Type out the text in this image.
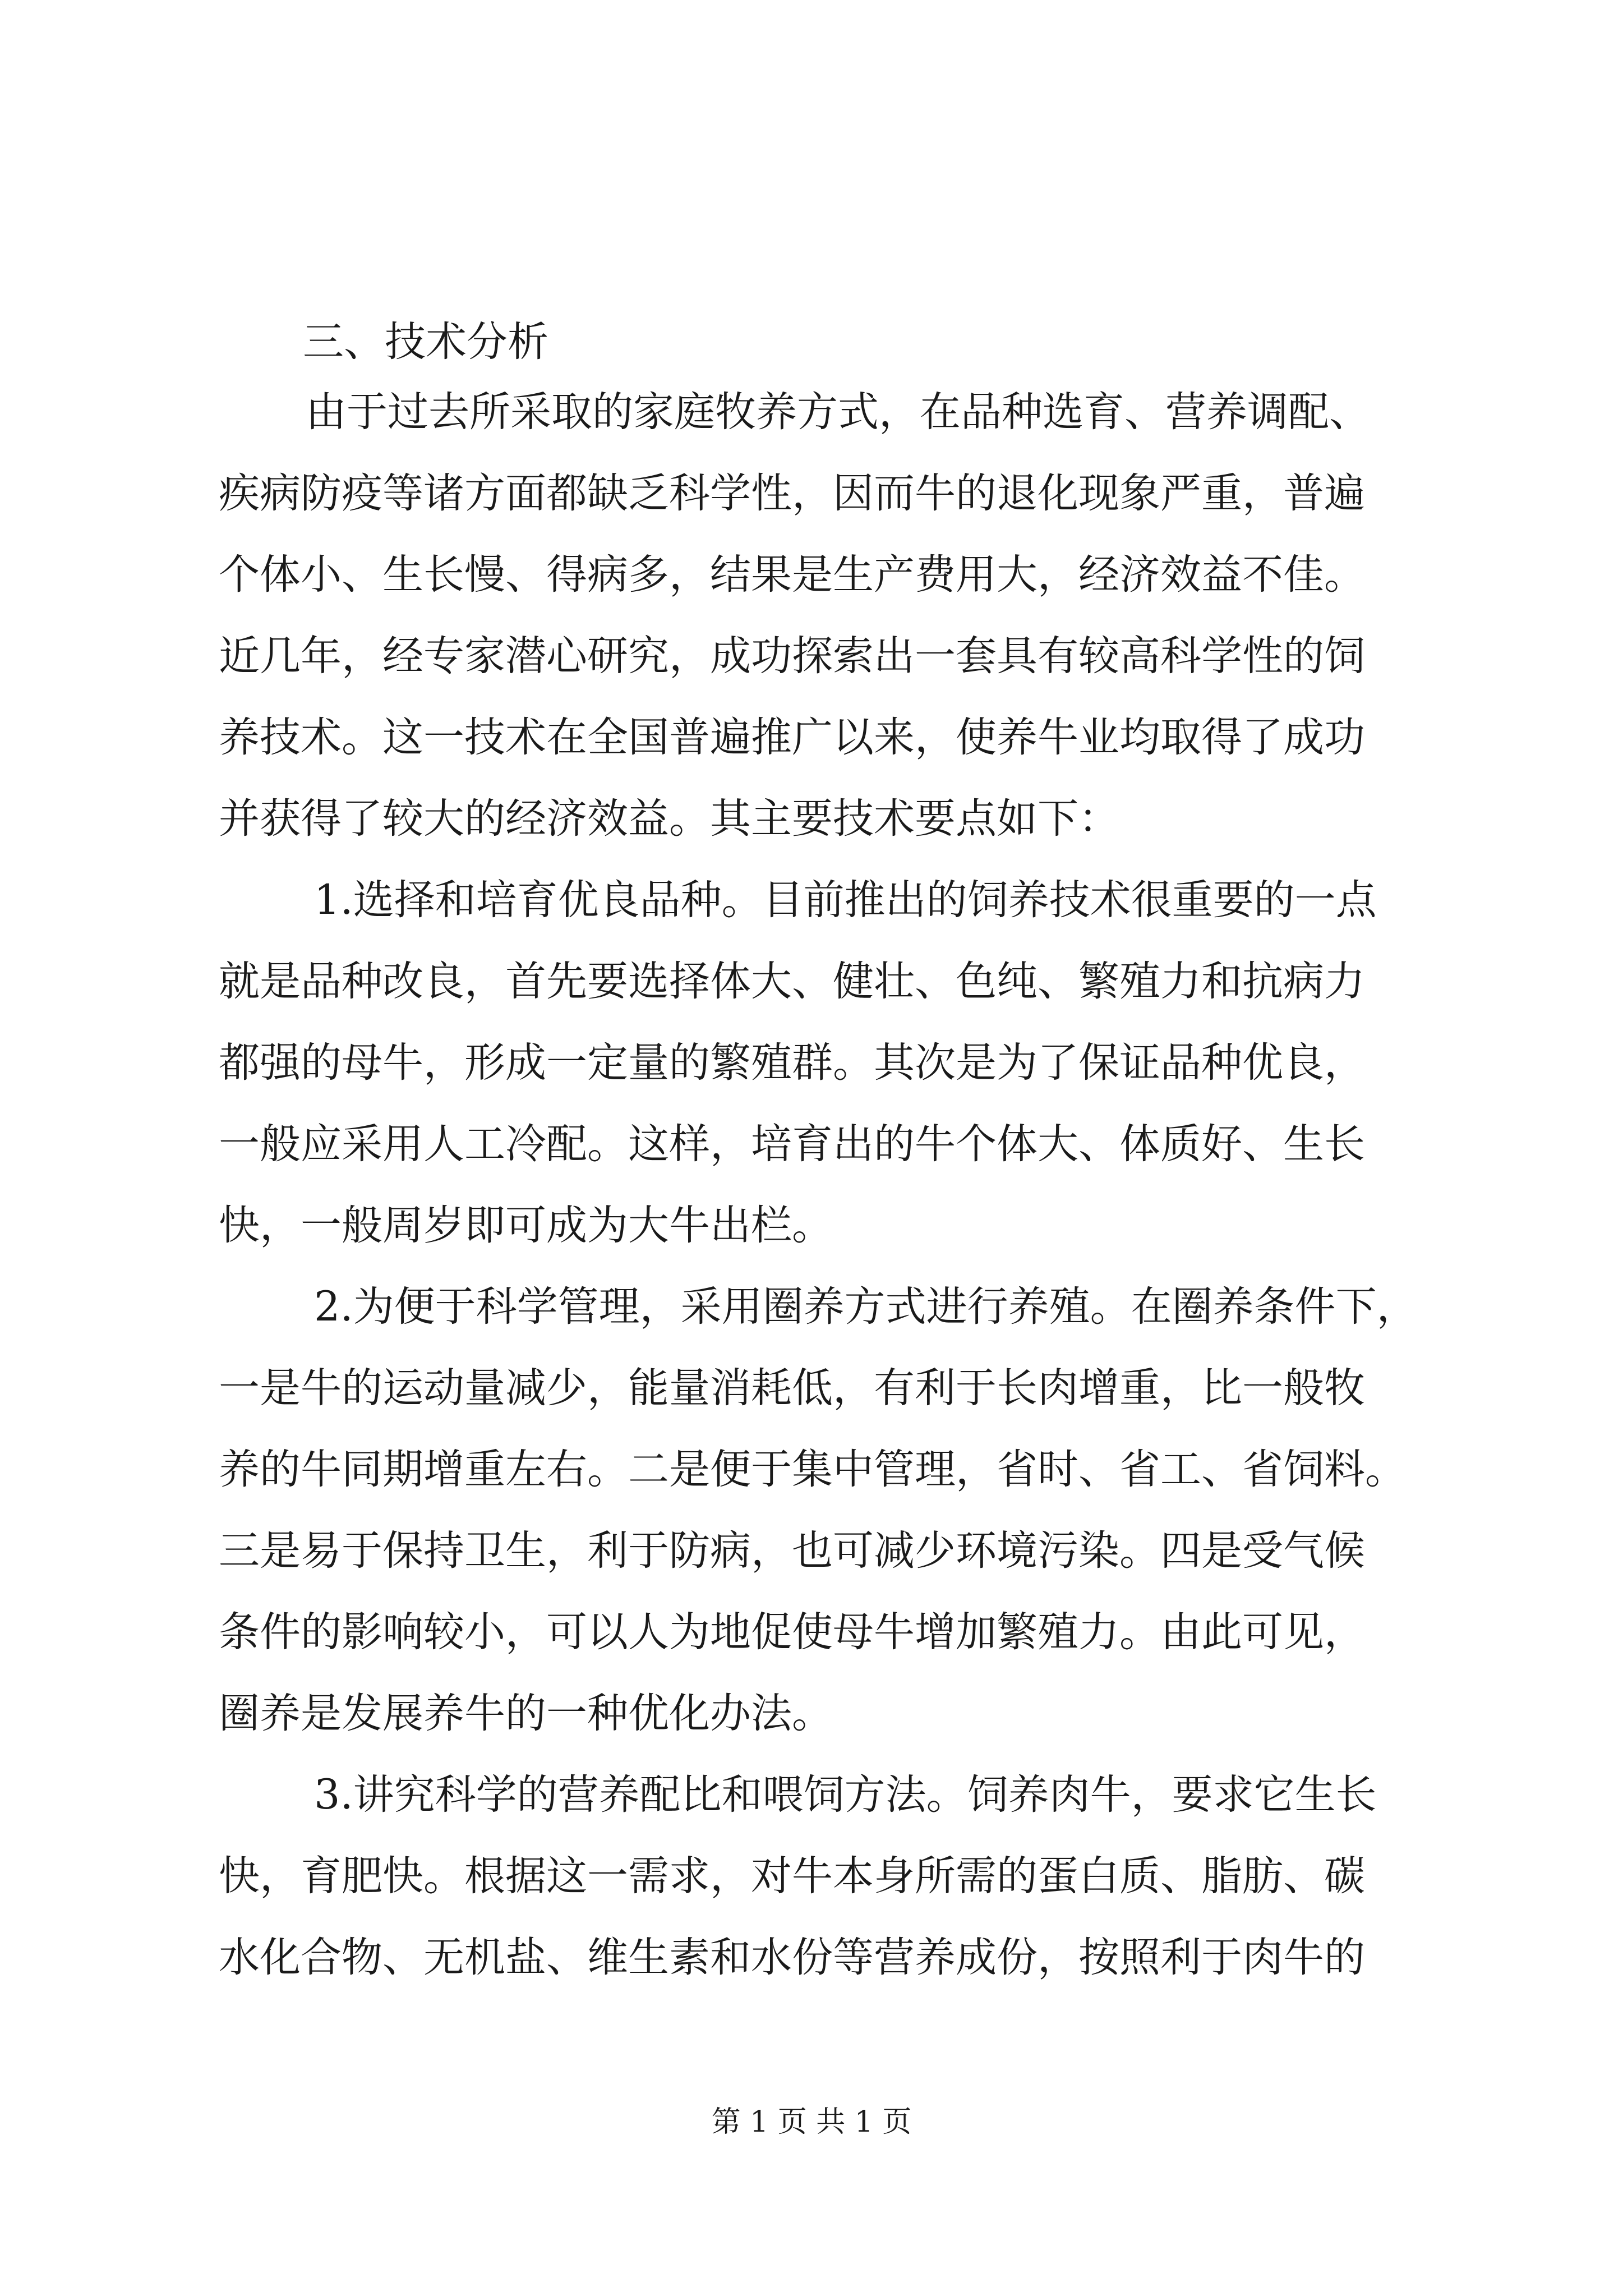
三、技术分析
由于过去所采取的家庭牧养方式，在品种选育、营养调配、
疾病防疫等诸方面都缺乏科学性，因而牛的退化现象严重，普遍
个体小、生长慢、得病多，结果是生产费用大，经济效益不佳。
近几年，经专家潜心研究，成功探索出一套具有较高科学性的饲
养技术。这一技术在全国普遍推广以来，使养牛业均取得了成功
并获得了较大的经济效益。其主要技术要点如下：
1.选择和培育优良品种。目前推出的饲养技术很重要的一点
就是品种改良，首先要选择体大、健壮、色纯、繁殖力和抗病力
都强的母牛，形成一定量的繁殖群。其次是为了保证品种优良，
一般应采用人工冷配。这样，培育出的牛个体大、体质好、生长
快，一般周岁即可成为大牛出栏。
2.为便于科学管理，采用圈养方式进行养殖。在圈养条件下，
一是牛的运动量减少，能量消耗低，有利于长肉增重，比一般牧
养的牛同期增重左右。二是便于集中管理，省时、省工、省饲料。
三是易于保持卫生，利于防病，也可减少环境污染。四是受气候
条件的影响较小，可以人为地促使母牛增加繁殖力。由此可见，
圈养是发展养牛的一种优化办法。
3.讲究科学的营养配比和喂饲方法。饲养肉牛，要求它生长
快，育肥快。根据这一需求，对牛本身所需的蛋白质、脂肪、碳
水化合物、无机盐、维生素和水份等营养成份，按照利于肉牛的
第 1 页 共 1 页
